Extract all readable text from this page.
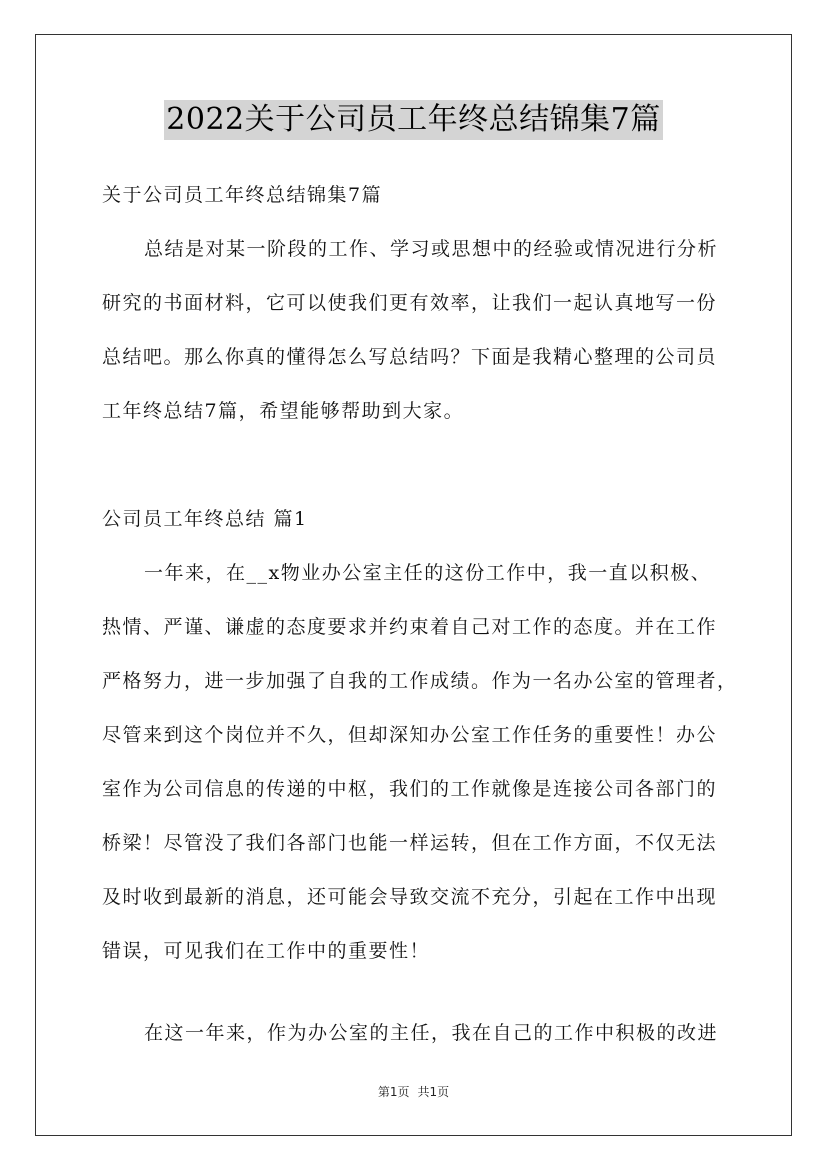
2022关于公司员工年终总结锦集7篇
关于公司员工年终总结锦集7篇
总结是对某一阶段的工作、学习或思想中的经验或情况进行分析
研究的书面材料，它可以使我们更有效率，让我们一起认真地写一份
总结吧。那么你真的懂得怎么写总结吗？下面是我精心整理的公司员
工年终总结7篇，希望能够帮助到大家。
公司员工年终总结 篇1
一年来，在__x物业办公室主任的这份工作中，我一直以积极、
热情、严谨、谦虚的态度要求并约束着自己对工作的态度。并在工作
严格努力，进一步加强了自我的工作成绩。作为一名办公室的管理者，
尽管来到这个岗位并不久，但却深知办公室工作任务的重要性！办公
室作为公司信息的传递的中枢，我们的工作就像是连接公司各部门的
桥梁！尽管没了我们各部门也能一样运转，但在工作方面，不仅无法
及时收到最新的消息，还可能会导致交流不充分，引起在工作中出现
错误，可见我们在工作中的重要性！
在这一年来，作为办公室的主任，我在自己的工作中积极的改进
第1页 共1页
